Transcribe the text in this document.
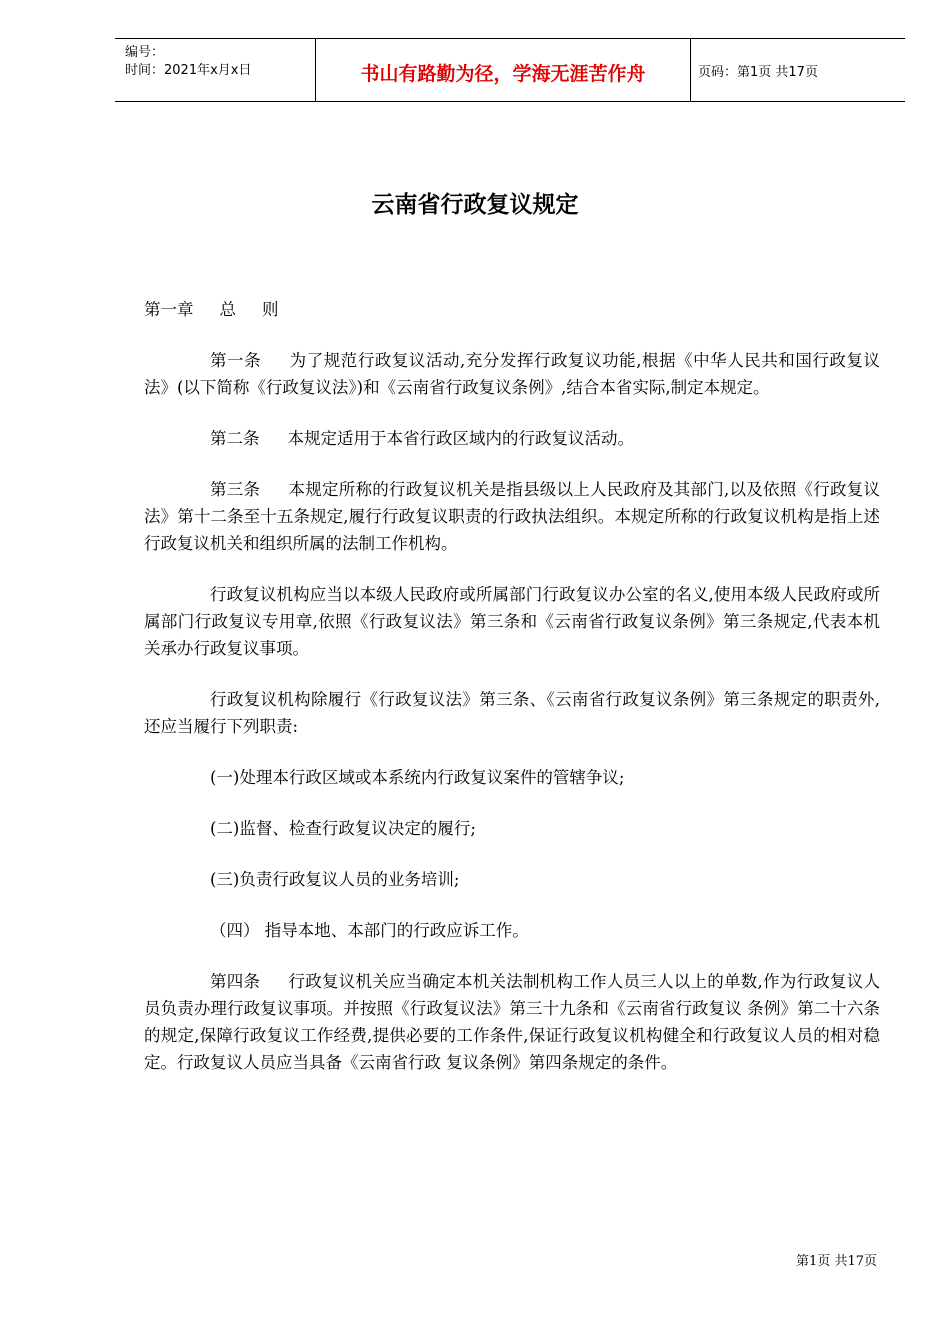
编号：
时间：2021年x月x日	书山有路勤为径，学海无涯苦作舟	页码：第1页 共17页
云南省行政复议规定

第一章 总 则

第一条 为了规范行政复议活动,充分发挥行政复议功能,根据《中华人民共和国行政复议法》(以下简称《行政复议法》)和《云南省行政复议条例》,结合本省实际,制定本规定。

第二条 本规定适用于本省行政区域内的行政复议活动。

第三条 本规定所称的行政复议机关是指县级以上人民政府及其部门,以及依照《行政复议法》第十二条至十五条规定,履行行政复议职责的行政执法组织。本规定所称的行政复议机构是指上述行政复议机关和组织所属的法制工作机构。

行政复议机构应当以本级人民政府或所属部门行政复议办公室的名义,使用本级人民政府或所属部门行政复议专用章,依照《行政复议法》第三条和《云南省行政复议条例》第三条规定,代表本机关承办行政复议事项。

行政复议机构除履行《行政复议法》第三条、《云南省行政复议条例》第三条规定的职责外,还应当履行下列职责:

(一)处理本行政区域或本系统内行政复议案件的管辖争议;

(二)监督、检查行政复议决定的履行;

(三)负责行政复议人员的业务培训;

（四） 指导本地、本部门的行政应诉工作。

第四条 行政复议机关应当确定本机关法制机构工作人员三人以上的单数,作为行政复议人员负责办理行政复议事项。并按照《行政复议法》第三十九条和《云南省行政复议 条例》第二十六条的规定,保障行政复议工作经费,提供必要的工作条件,保证行政复议机构健全和行政复议人员的相对稳定。行政复议人员应当具备《云南省行政 复议条例》第四条规定的条件。

第1页 共17页
